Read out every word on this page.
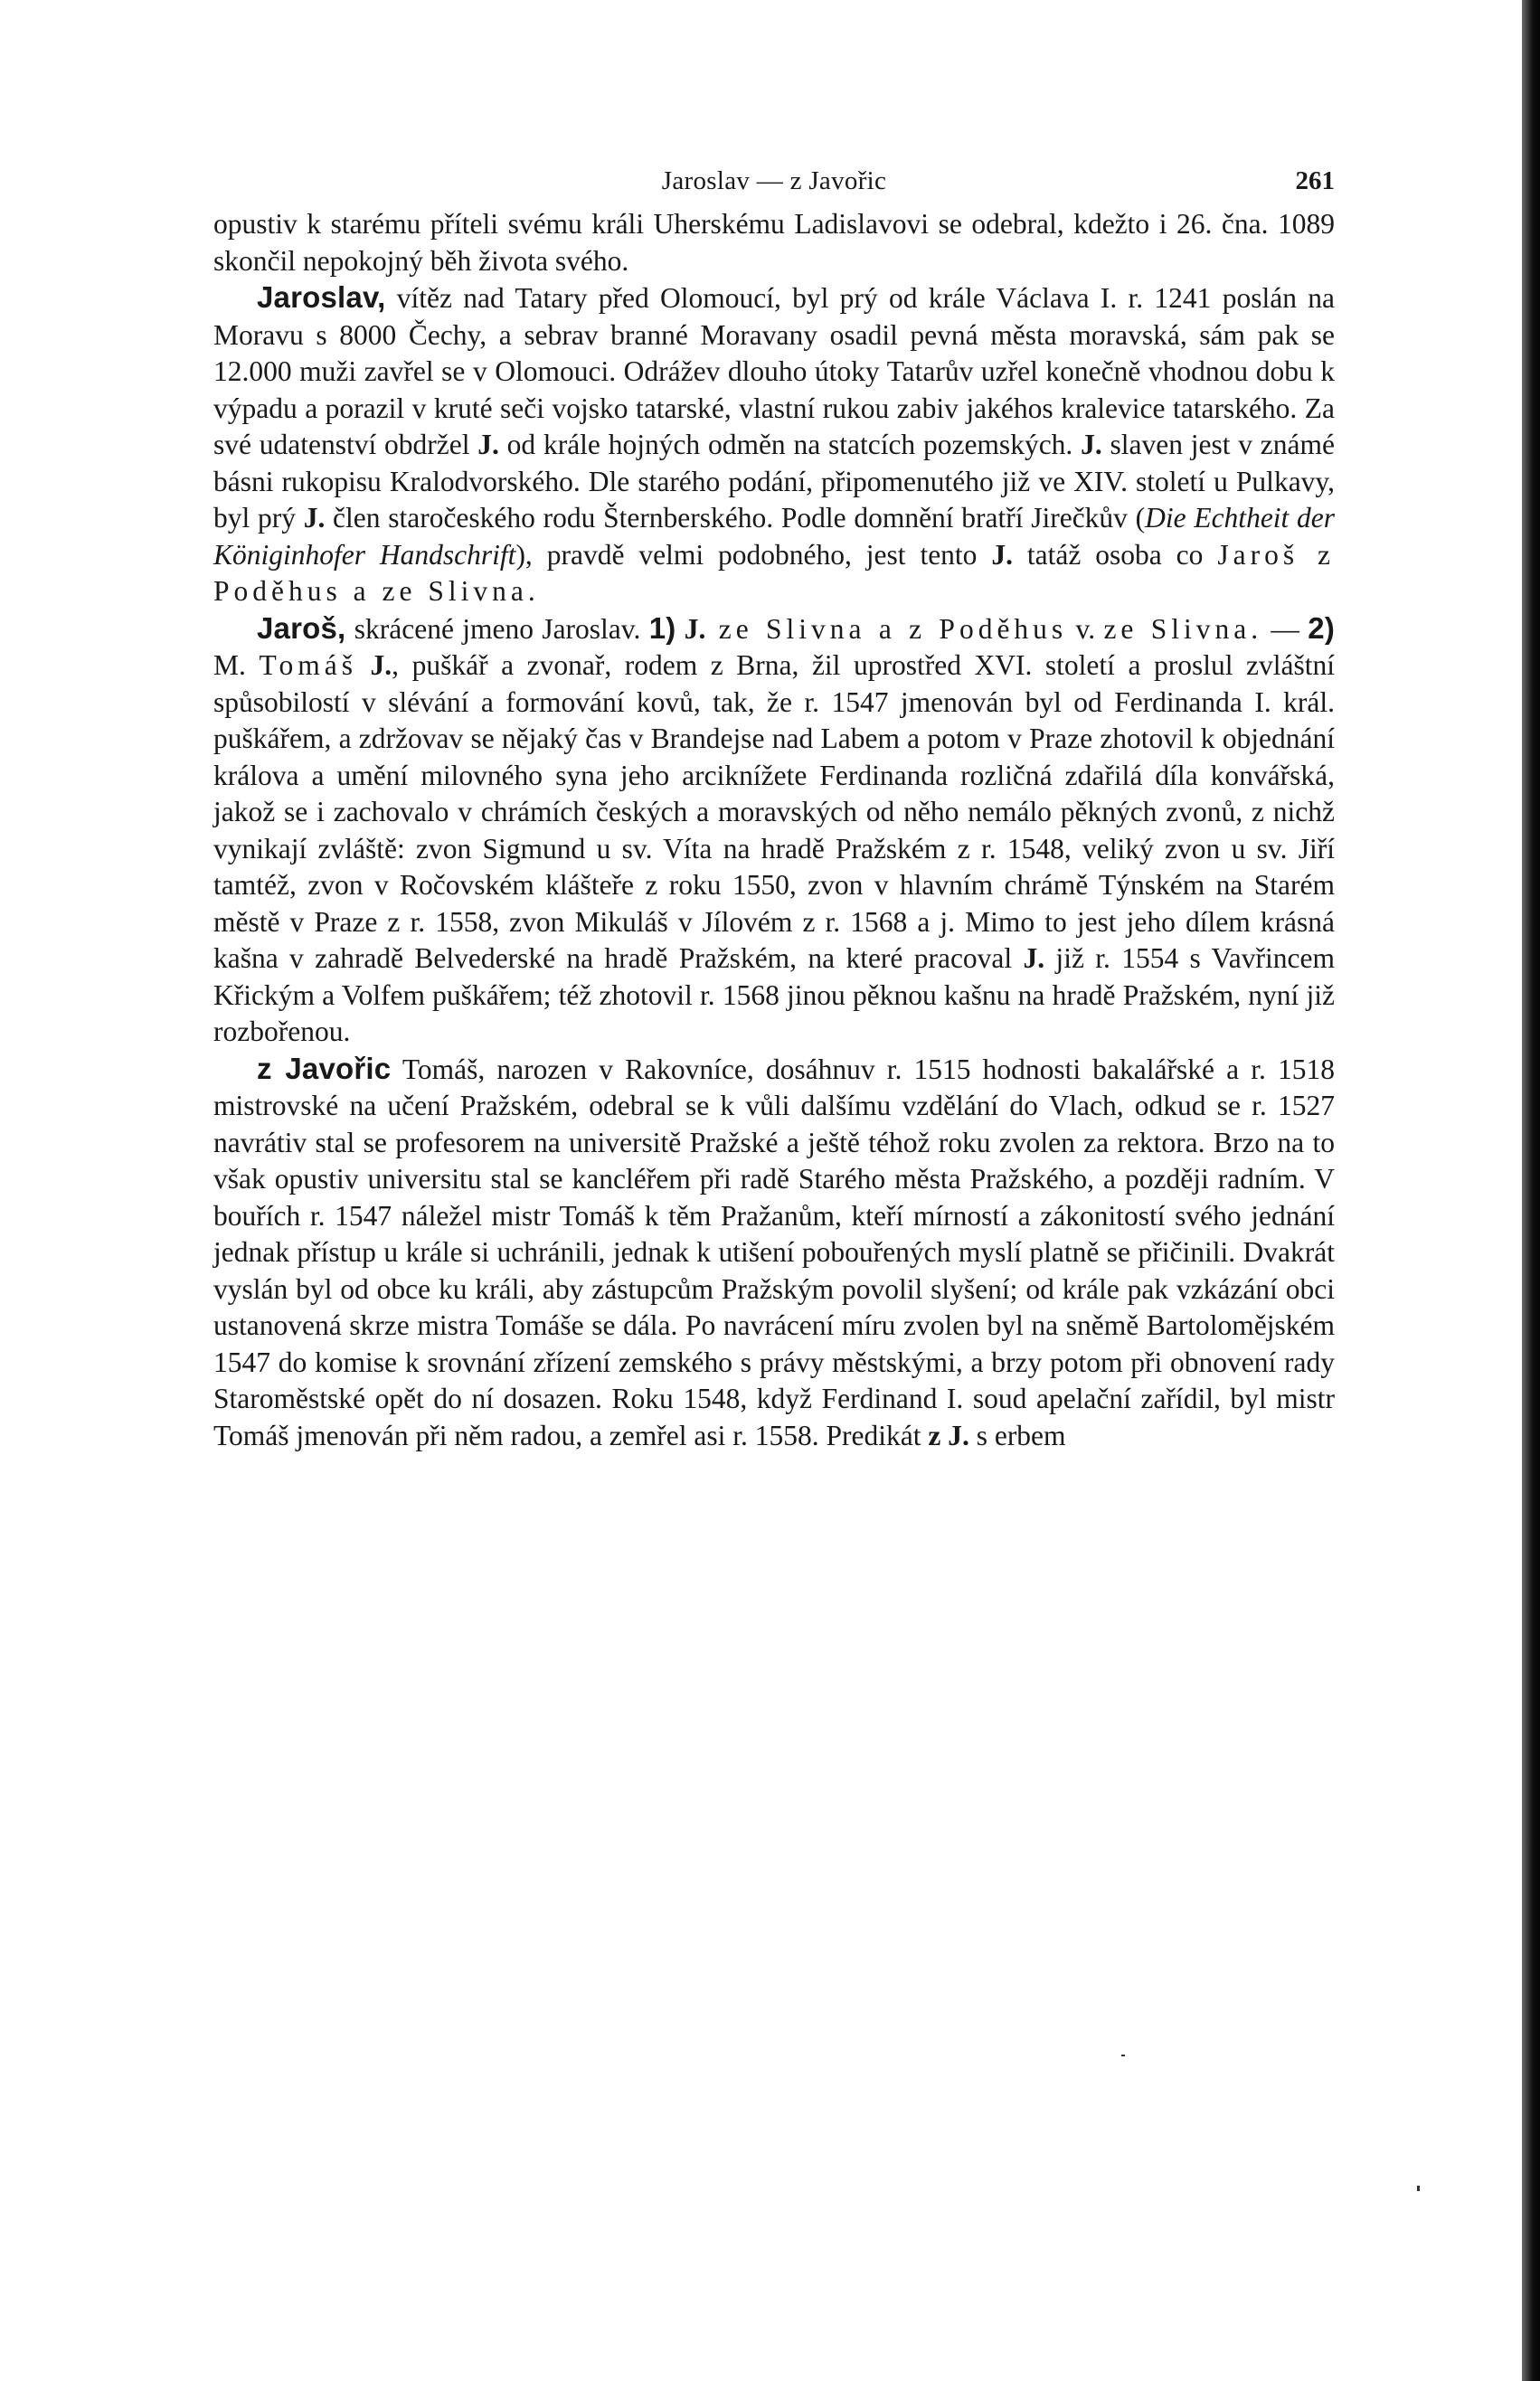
Jaroslav — z Javořic	261

opustiv k starému příteli svému králi Uherskému Ladislavovi se odebral, kdežto i 26. čna. 1089 skončil nepokojný běh života svého.

Jaroslav, vítěz nad Tatary před Olomoucí, byl prý od krále Václava I. r. 1241 poslán na Moravu s 8000 Čechy, a sebrav branné Moravany osadil pevná města moravská, sám pak se 12.000 muži zavřel se v Olomouci. Odrážev dlouho útoky Tatarův uzřel konečně vhodnou dobu k výpadu a porazil v kruté seči vojsko tatarské, vlastní rukou zabiv jakéhos kralevice tatarského. Za své udatenství obdržel J. od krále hojných odměn na statcích pozemských. J. slaven jest v známé básni rukopisu Kralodvorského. Dle starého podání, připomenutého již ve XIV. století u Pulkavy, byl prý J. člen staročeského rodu Šternberského. Podle domnění bratří Jirečkův (Die Echtheit der Königinhofer Handschrift), pravdě velmi podobného, jest tento J. tatáž osoba co Jaroš z Poděhus a ze Slivna.

Jaroš, skrácené jmeno Jaroslav. 1) J. ze Slivna a z Poděhus v. ze Slivna. — 2) M. Tomáš J., puškář a zvonař, rodem z Brna, žil uprostřed XVI. století a proslul zvláštní spůsobilostí v slévání a formování kovů, tak, že r. 1547 jmenován byl od Ferdinanda I. král. puškářem, a zdržovav se nějaký čas v Brandejse nad Labem a potom v Praze zhotovil k objednání králova a umění milovného syna jeho arciknížete Ferdinanda rozličná zdařilá díla konvářská, jakož se i zachovalo v chrámích českých a moravských od něho nemálo pěkných zvonů, z nichž vynikají zvláště: zvon Sigmund u sv. Víta na hradě Pražském z r. 1548, veliký zvon u sv. Jiří tamtéž, zvon v Ročovském klášteře z roku 1550, zvon v hlavním chrámě Týnském na Starém městě v Praze z r. 1558, zvon Mikuláš v Jílovém z r. 1568 a j. Mimo to jest jeho dílem krásná kašna v zahradě Belvederské na hradě Pražském, na které pracoval J. již r. 1554 s Vavřincem Křickým a Volfem puškářem; též zhotovil r. 1568 jinou pěknou kašnu na hradě Pražském, nyní již rozbořenou.

z Javořic Tomáš, narozen v Rakovníce, dosáhnuv r. 1515 hodnosti bakalářské a r. 1518 mistrovské na učení Pražském, odebral se k vůli dalšímu vzdělání do Vlach, odkud se r. 1527 navrátiv stal se profesorem na universitě Pražské a ještě téhož roku zvolen za rektora. Brzo na to však opustiv universitu stal se kancléřem při radě Starého města Pražského, a později radním. V bouřích r. 1547 náležel mistr Tomáš k těm Pražanům, kteří mírností a zákonitostí svého jednání jednak přístup u krále si uchránili, jednak k utišení pobouřených myslí platně se přičinili. Dvakrát vyslán byl od obce ku králi, aby zástupcům Pražským povolil slyšení; od krále pak vzkázání obci ustanovená skrze mistra Tomáše se dála. Po navrácení míru zvolen byl na sněmě Bartolomějském 1547 do komise k srovnání zřízení zemského s právy městskými, a brzy potom při obnovení rady Staroměstské opět do ní dosazen. Roku 1548, když Ferdinand I. soud apelační zařídil, byl mistr Tomáš jmenován při něm radou, a zemřel asi r. 1558. Predikát z J. s erbem
